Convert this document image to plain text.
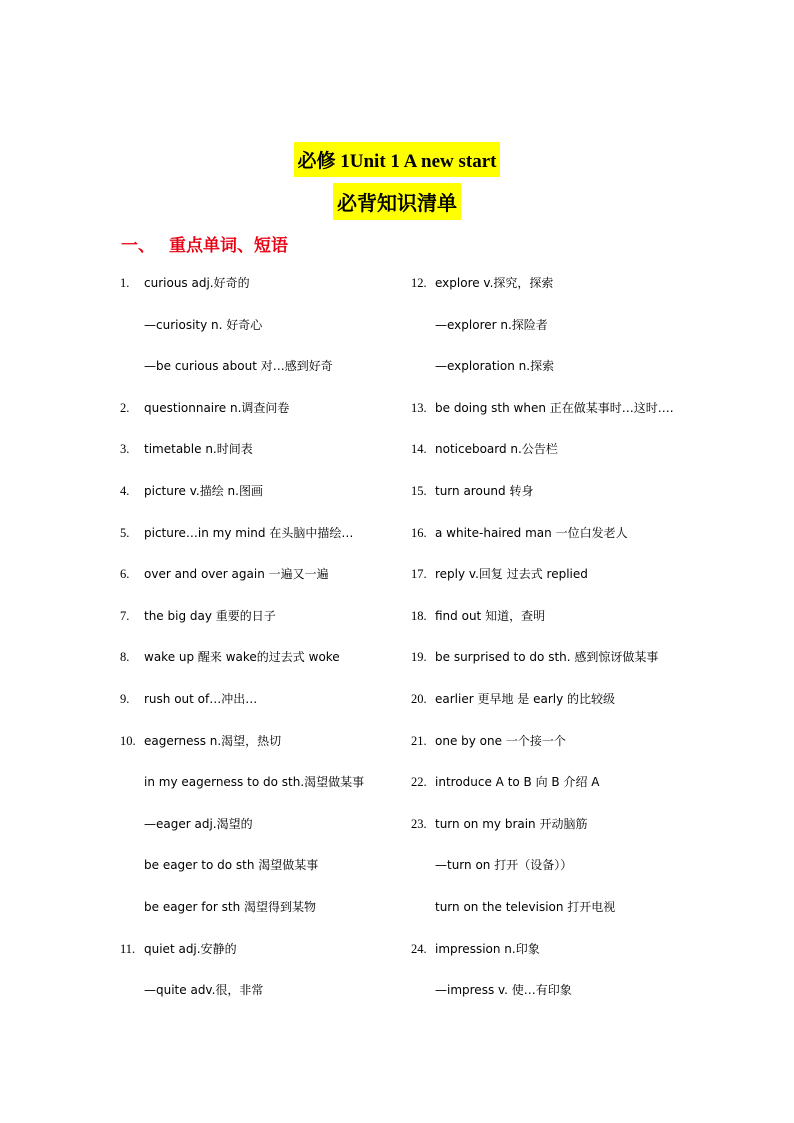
必修 1Unit 1 A new start
必背知识清单
一、 重点单词、短语
1. curious adj.好奇的
—curiosity n. 好奇心
—be curious about 对…感到好奇
2. questionnaire n.调查问卷
3. timetable n.时间表
4. picture v.描绘 n.图画
5. picture…in my mind 在头脑中描绘…
6. over and over again 一遍又一遍
7. the big day 重要的日子
8. wake up 醒来 wake的过去式 woke
9. rush out of…冲出…
10. eagerness n.渴望，热切
in my eagerness to do sth.渴望做某事
—eager adj.渴望的
be eager to do sth 渴望做某事
be eager for sth 渴望得到某物
11. quiet adj.安静的
—quite adv.很，非常
12. explore v.探究，探索
—explorer n.探险者
—exploration n.探索
13. be doing sth when 正在做某事时…这时….
14. noticeboard n.公告栏
15. turn around 转身
16. a white-haired man 一位白发老人
17. reply v.回复 过去式 replied
18. find out 知道，查明
19. be surprised to do sth. 感到惊讶做某事
20. earlier 更早地 是 early 的比较级
21. one by one 一个接一个
22. introduce A to B 向 B 介绍 A
23. turn on my brain 开动脑筋
—turn on 打开（设备））
turn on the television 打开电视
24. impression n.印象
—impress v. 使…有印象
